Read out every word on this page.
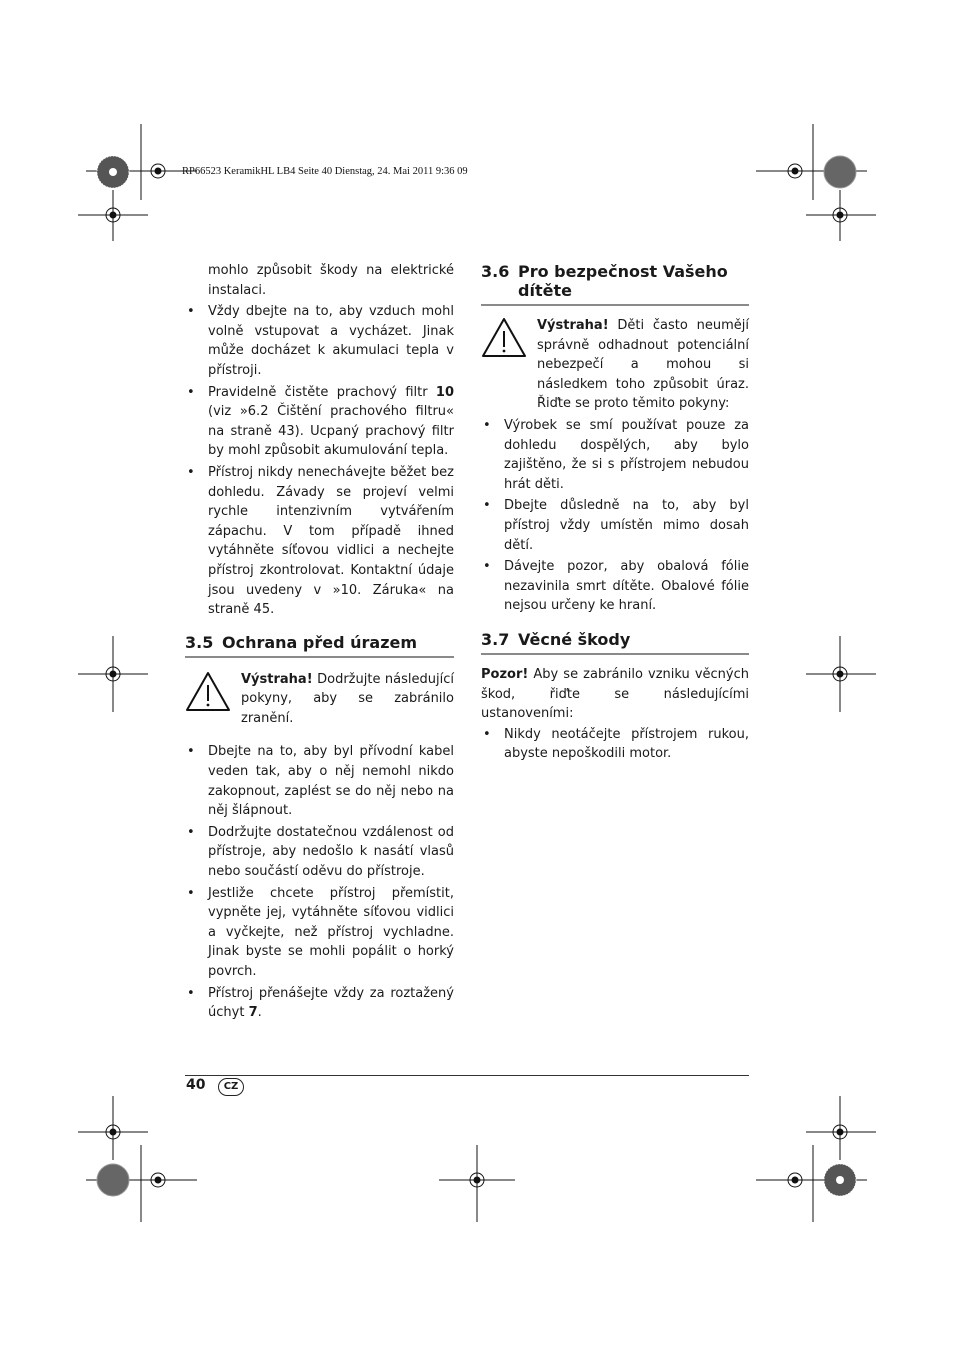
RP66523 KeramikHL LB4 Seite 40 Dienstag, 24. Mai 2011 9:36 09

mohlo způsobit škody na elektrické instalaci.

• Vždy dbejte na to, aby vzduch mohl volně vstupovat a vycházet. Jinak může docházet k akumulaci tepla v přístroji.
• Pravidelně čistěte prachový filtr 10 (viz »6.2 Čištění prachového filtru« na straně 43). Ucpaný prachový filtr by mohl způsobit akumulování tepla.
• Přístroj nikdy nenechávejte běžet bez dohledu. Závady se projeví velmi rychle intenzivním vytvářením zápachu. V tom případě ihned vytáhněte síťovou vidlici a nechejte přístroj zkontrolovat. Kontaktní údaje jsou uvedeny v »10. Záruka« na straně 45.
3.5 Ochrana před úrazem
Výstraha! Dodržujte následující pokyny, aby se zabránilo zranění.
• Dbejte na to, aby byl přívodní kabel veden tak, aby o něj nemohl nikdo zakopnout, zaplést se do něj nebo na něj šlápnout.
• Dodržujte dostatečnou vzdálenost od přístroje, aby nedošlo k nasátí vlasů nebo součástí oděvu do přístroje.
• Jestliže chcete přístroj přemístit, vypněte jej, vytáhněte síťovou vidlici a vyčkejte, než přístroj vychladne. Jinak byste se mohli popálit o horký povrch.
• Přístroj přenášejte vždy za roztažený úchyt 7.
3.6 Pro bezpečnost Vašeho
dítěte
Výstraha! Děti často neumějí správně odhadnout potenciální nebezpečí a mohou si následkem toho způsobit úraz. Řiďte se proto těmito pokyny:
• Výrobek se smí používat pouze za dohledu dospělých, aby bylo zajištěno, že si s přístrojem nebudou hrát děti.
• Dbejte důsledně na to, aby byl přístroj vždy umístěn mimo dosah dětí.
• Dávejte pozor, aby obalová fólie nezavinila smrt dítěte. Obalové fólie nejsou určeny ke hraní.
3.7 Věcné škody

Pozor! Aby se zabránilo vzniku věcných škod, řiďte se následujícími ustanoveními:

• Nikdy neotáčejte přístrojem rukou, abyste nepoškodili motor.
40	CZ
